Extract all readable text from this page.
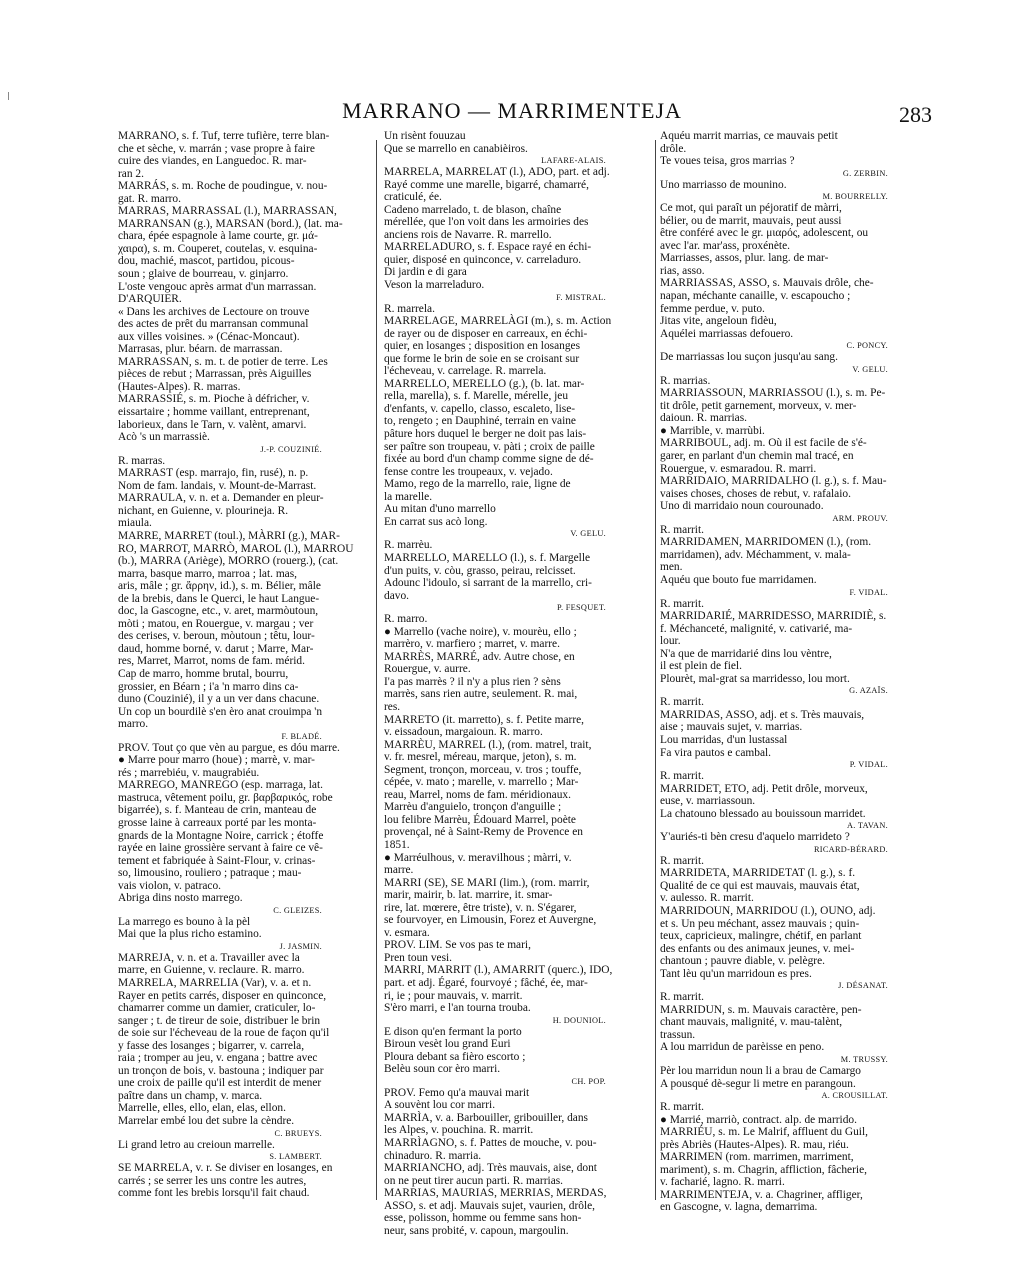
MARRANO — MARRIMENTEJA	283

MARRANO, s. f. Tuf, terre tufière, terre blan-

che et sèche, v. marrán ; vase propre à faire

cuire des viandes, en Languedoc. R. mar-

ran 2.

MARRÁS, s. m. Roche de poudingue, v. nou-

gat. R. marro.

MARRAS, MARRASSAL (l.), MARRASSAN,

MARRANSAN (g.), MARSAN (bord.), (lat. ma-

chara, épée espagnole à lame courte, gr. μά-

χαιρα), s. m. Couperet, coutelas, v. esquina-

dou, machié, mascot, partidou, picous-

soun ; glaive de bourreau, v. ginjarro.

L'oste vengouc après armat d'un marrassan.

D'ARQUIER.

« Dans les archives de Lectoure on trouve

des actes de prêt du marransan communal

aux villes voisines. » (Cénac-Moncaut).

Marrasas, plur. béarn. de marrassan.

MARRASSAN, s. m. t. de potier de terre. Les

pièces de rebut ; Marrassan, près Aiguilles

(Hautes-Alpes). R. marras.

MARRASSIÉ, s. m. Pioche à défricher, v.

eissartaire ; homme vaillant, entreprenant,

laborieux, dans le Tarn, v. valènt, amarvi.

Acò 's un marrassiè.

J.-P. COUZINIÉ.

R. marras.

MARRAST (esp. marrajo, fin, rusé), n. p.

Nom de fam. landais, v. Mount-de-Marrast.

MARRAULA, v. n. et a. Demander en pleur-

nichant, en Guienne, v. plourineja. R.

miaula.

MARRE, MARRET (toul.), MÀRRI (g.), MAR-

RO, MARROT, MARRÒ, MAROL (l.), MARROU

(b.), MARRA (Ariège), MORRO (rouerg.), (cat.

marra, basque marro, marroa ; lat. mas,

aris, mâle ; gr. ἄρρην, id.), s. m. Bélier, mâle

de la brebis, dans le Querci, le haut Langue-

doc, la Gascogne, etc., v. aret, marmòutoun,

mòti ; matou, en Rouergue, v. margau ; ver

des cerises, v. beroun, mòutoun ; têtu, lour-

daud, homme borné, v. darut ; Marre, Mar-

res, Marret, Marrot, noms de fam. mérid.

Cap de marro, homme brutal, bourru,

grossier, en Béarn ; i'a 'n marro dins ca-

duno (Couzinié), il y a un ver dans chacune.

Un cop un bourdilè s'en èro anat crouimpa 'n

marro.

F. BLADÉ.

PROV. Tout ço que vèn au pargue, es dóu marre.

● Marre pour marro (houe) ; marrè, v. mar-

rés ; marrebiéu, v. maugrabiéu.

MARREGO, MANREGO (esp. marraga, lat.

mastruca, vêtement poilu, gr. βαρβαρικός, robe

bigarrée), s. f. Manteau de crin, manteau de

grosse laine à carreaux porté par les monta-

gnards de la Montagne Noire, carrick ; étoffe

rayée en laine grossière servant à faire ce vê-

tement et fabriquée à Saint-Flour, v. crinas-

so, limousino, rouliero ; patraque ; mau-

vais violon, v. patraco.

Abriga dins nosto marrego.

C. GLEIZES.

La marrego es bouno à la pèl

Mai que la plus richo estamino.

J. JASMIN.

MARREJA, v. n. et a. Travailler avec la

marre, en Guienne, v. reclaure. R. marro.

MARRELA, MARRELIA (Var), v. a. et n.

Rayer en petits carrés, disposer en quinconce,

chamarrer comme un damier, craticuler, lo-

sanger ; t. de tireur de soie, distribuer le brin

de soie sur l'écheveau de la roue de façon qu'il

y fasse des losanges ; bigarrer, v. carrela,

raia ; tromper au jeu, v. engana ; battre avec

un tronçon de bois, v. bastouna ; indiquer par

une croix de paille qu'il est interdit de mener

paître dans un champ, v. marca.

Marrelle, elles, ello, elan, elas, ellon.

Marrelar embé lou det subre la cèndre.

C. BRUEYS.

Li grand letro au creioun marrelle.

S. LAMBERT.

SE MARRELA, v. r. Se diviser en losanges, en

carrés ; se serrer les uns contre les autres,

comme font les brebis lorsqu'il fait chaud.

Un risènt fouuzau

Que se marrello en canabièiros.

LAFARE-ALAIS.

MARRELA, MARRELAT (l.), ADO, part. et adj.

Rayé comme une marelle, bigarré, chamarré,

craticulé, ée.

Cadeno marrelado, t. de blason, chaîne

mérellée, que l'on voit dans les armoiries des

anciens rois de Navarre. R. marrello.

MARRELADURO, s. f. Espace rayé en échi-

quier, disposé en quinconce, v. carreladuro.

Di jardin e di gara

Veson la marreladuro.

F. MISTRAL.

R. marrela.

MARRELAGE, MARRELÀGI (m.), s. m. Action

de rayer ou de disposer en carreaux, en échi-

quier, en losanges ; disposition en losanges

que forme le brin de soie en se croisant sur

l'écheveau, v. carrelage. R. marrela.

MARRELLO, MERELLO (g.), (b. lat. mar-

rella, marella), s. f. Marelle, mérelle, jeu

d'enfants, v. capello, classo, escaleto, lise-

to, rengeto ; en Dauphiné, terrain en vaine

pâture hors duquel le berger ne doit pas lais-

ser paître son troupeau, v. pàti ; croix de paille

fixée au bord d'un champ comme signe de dé-

fense contre les troupeaux, v. vejado.

Mamo, rego de la marrello, raie, ligne de

la marelle.

Au mitan d'uno marrello

En carrat sus acò long.

V. GELU.

R. marrèu.

MARRELLO, MARELLO (l.), s. f. Margelle

d'un puits, v. còu, grasso, peirau, relcisset.

Adounc l'idoulo, si sarrant de la marrello, cri-

davo.

P. FESQUET.

R. marro.

● Marrello (vache noire), v. mourèu, ello ;

marrèro, v. marfiero ; marret, v. marre.

MARRÈS, MARRÉ, adv. Autre chose, en

Rouergue, v. aurre.

I'a pas marrès ? il n'y a plus rien ? sèns

marrès, sans rien autre, seulement. R. mai,

res.

MARRETO (it. marretto), s. f. Petite marre,

v. eissadoun, margaioun. R. marro.

MARRÈU, MARREL (l.), (rom. matrel, trait,

v. fr. mesrel, méreau, marque, jeton), s. m.

Segment, tronçon, morceau, v. tros ; touffe,

cépée, v. mato ; marelle, v. marrello ; Mar-

reau, Marrel, noms de fam. méridionaux.

Marrèu d'anguielo, tronçon d'anguille ;

lou felibre Marrèu, Édouard Marrel, poète

provençal, né à Saint-Remy de Provence en

1851.

● Marréulhous, v. meravilhous ; màrri, v.

marre.

MARRI (SE), SE MARI (lim.), (rom. marrir,

marir, mairir, b. lat. marrire, it. smar-

rire, lat. mœrere, être triste), v. n. S'égarer,

se fourvoyer, en Limousin, Forez et Auvergne,

v. esmara.

PROV. LIM. Se vos pas te mari,

Pren toun vesi.

MARRI, MARRIT (l.), AMARRIT (querc.), IDO,

part. et adj. Égaré, fourvoyé ; fâché, ée, mar-

ri, ie ; pour mauvais, v. marrit.

S'èro marri, e l'an tourna trouba.

H. DOUNIOL.

E dison qu'en fermant la porto

Biroun vesèt lou grand Euri

Ploura debant sa fièro escorto ;

Belèu soun cor èro marri.

CH. POP.

PROV. Femo qu'a mauvai marit

A souvènt lou cor marri.

MARRÌA, v. a. Barbouiller, gribouiller, dans

les Alpes, v. pouchina. R. marrit.

MARRÌAGNO, s. f. Pattes de mouche, v. pou-

chinaduro. R. marria.

MARRIANCHO, adj. Très mauvais, aise, dont

on ne peut tirer aucun parti. R. marrias.

MARRIAS, MAURIAS, MERRIAS, MERDAS,

ASSO, s. et adj. Mauvais sujet, vaurien, drôle,

esse, polisson, homme ou femme sans hon-

neur, sans probité, v. capoun, margoulin.

Aquéu marrit marrias, ce mauvais petit

drôle.

Te voues teisa, gros marrias ?

G. ZERBIN.

Uno marriasso de mounino.

M. BOURRELLY.

Ce mot, qui paraît un péjoratif de màrri,

bélier, ou de marrit, mauvais, peut aussi

être conféré avec le gr. μιαρός, adolescent, ou

avec l'ar. mar'ass, proxénète.

Marriasses, assos, plur. lang. de mar-

rias, asso.

MARRIASSAS, ASSO, s. Mauvais drôle, che-

napan, méchante canaille, v. escapoucho ;

femme perdue, v. puto.

Jitas vite, angeloun fidèu,

Aquélei marriassas defouero.

C. PONCY.

De marriassas lou suçon jusqu'au sang.

V. GELU.

R. marrias.

MARRIASSOUN, MARRIASSOU (l.), s. m. Pe-

tit drôle, petit garnement, morveux, v. mer-

daioun. R. marrias.

● Marrible, v. marrùbi.

MARRIBOUL, adj. m. Où il est facile de s'é-

garer, en parlant d'un chemin mal tracé, en

Rouergue, v. esmaradou. R. marri.

MARRIDAIO, MARRIDALHO (l. g.), s. f. Mau-

vaises choses, choses de rebut, v. rafalaio.

Uno di marridaio noun courounado.

ARM. PROUV.

R. marrit.

MARRIDAMEN, MARRIDOMEN (l.), (rom.

marridamen), adv. Méchamment, v. mala-

men.

Aquéu que bouto fue marridamen.

F. VIDAL.

R. marrit.

MARRIDARIÉ, MARRIDESSO, MARRIDIÈ, s.

f. Méchanceté, malignité, v. cativarié, ma-

lour.

N'a que de marridarié dins lou vèntre,

il est plein de fiel.

Plourèt, mal-grat sa marridesso, lou mort.

G. AZAÏS.

R. marrit.

MARRIDAS, ASSO, adj. et s. Très mauvais,

aise ; mauvais sujet, v. marrias.

Lou marridas, d'un lustassal

Fa vira pautos e cambal.

P. VIDAL.

R. marrit.

MARRIDET, ETO, adj. Petit drôle, morveux,

euse, v. marriassoun.

La chatouno blessado au bouissoun marridet.

A. TAVAN.

Y'auriés-ti bèn cresu d'aquelo marrideto ?

RICARD-BÉRARD.

R. marrit.

MARRIDETA, MARRIDETAT (l. g.), s. f.

Qualité de ce qui est mauvais, mauvais état,

v. aulesso. R. marrit.

MARRIDOUN, MARRIDOU (l.), OUNO, adj.

et s. Un peu méchant, assez mauvais ; quin-

teux, capricieux, malingre, chétif, en parlant

des enfants ou des animaux jeunes, v. mei-

chantoun ; pauvre diable, v. pelègre.

Tant lèu qu'un marridoun es pres.

J. DÉSANAT.

R. marrit.

MARRIDUN, s. m. Mauvais caractère, pen-

chant mauvais, malignité, v. mau-talènt,

trassun.

A lou marridun de parèisse en peno.

M. TRUSSY.

Pèr lou marridun noun li a brau de Camargo

A pousqué dè-segur li metre en parangoun.

A. CROUSILLAT.

R. marrit.

● Marrié, marriò, contract. alp. de marrido.

MARRIÉU, s. m. Le Malrif, affluent du Guil,

près Abriès (Hautes-Alpes). R. mau, riéu.

MARRIMEN (rom. marrimen, marriment,

mariment), s. m. Chagrin, affliction, fâcherie,

v. facharié, lagno. R. marri.

MARRIMENTEJA, v. a. Chagriner, affliger,

en Gascogne, v. lagna, demarrima.
